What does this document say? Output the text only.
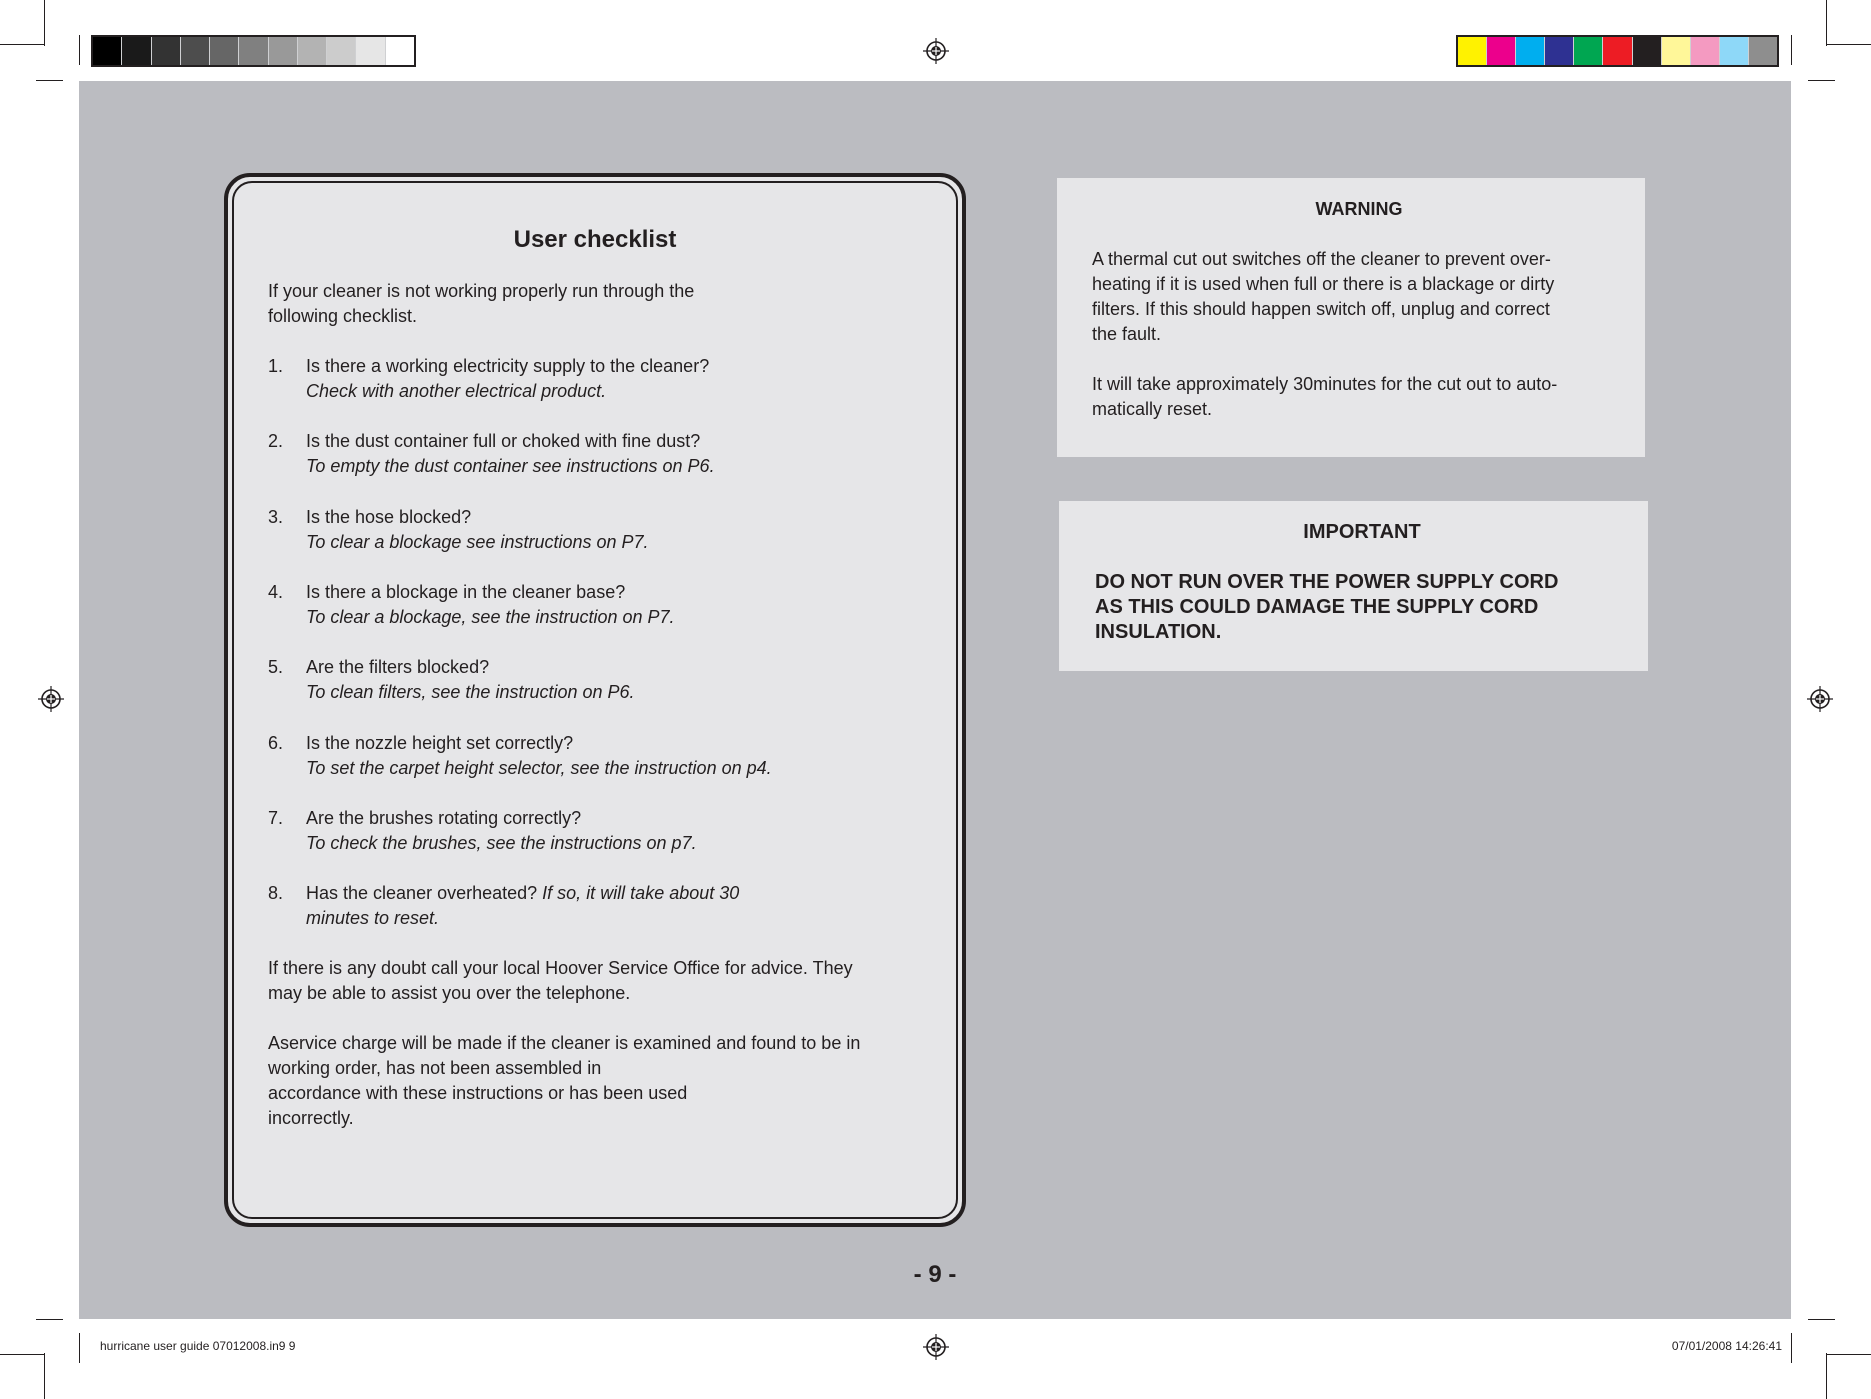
User checklist
If your cleaner is not working properly run through the
following checklist.
1. Is there a working electricity supply to the cleaner?
Check with another electrical product.
2. Is the dust container full or choked with fine dust?
To empty the dust container see instructions on P6.
3. Is the hose blocked?
To clear a blockage see instructions on P7.
4. Is there a blockage in the cleaner base?
To clear a blockage, see the instruction on P7.
5. Are the filters blocked?
To clean filters, see the instruction on P6.
6. Is the nozzle height set correctly?
To set the carpet height selector, see the instruction on p4.
7. Are the brushes rotating correctly?
To check the brushes, see the instructions on p7.
8. Has the cleaner overheated? If so, it will take about 30
minutes to reset.
If there is any doubt call your local Hoover Service Office for advice. They
may be able to assist you over the telephone.
Aservice charge will be made if the cleaner is examined and found to be in
working order, has not been assembled in
accordance with these instructions or has been used
incorrectly.
WARNING
A thermal cut out switches off the cleaner to prevent over-
heating if it is used when full or there is a blackage or dirty
filters. If this should happen switch off, unplug and correct
the fault.
It will take approximately 30minutes for the cut out to auto-
matically reset.
IMPORTANT
DO NOT RUN OVER THE POWER SUPPLY CORD
AS THIS COULD DAMAGE THE SUPPLY CORD
INSULATION.
- 9 -
hurricane user guide 07012008.in9 9	07/01/2008 14:26:41
